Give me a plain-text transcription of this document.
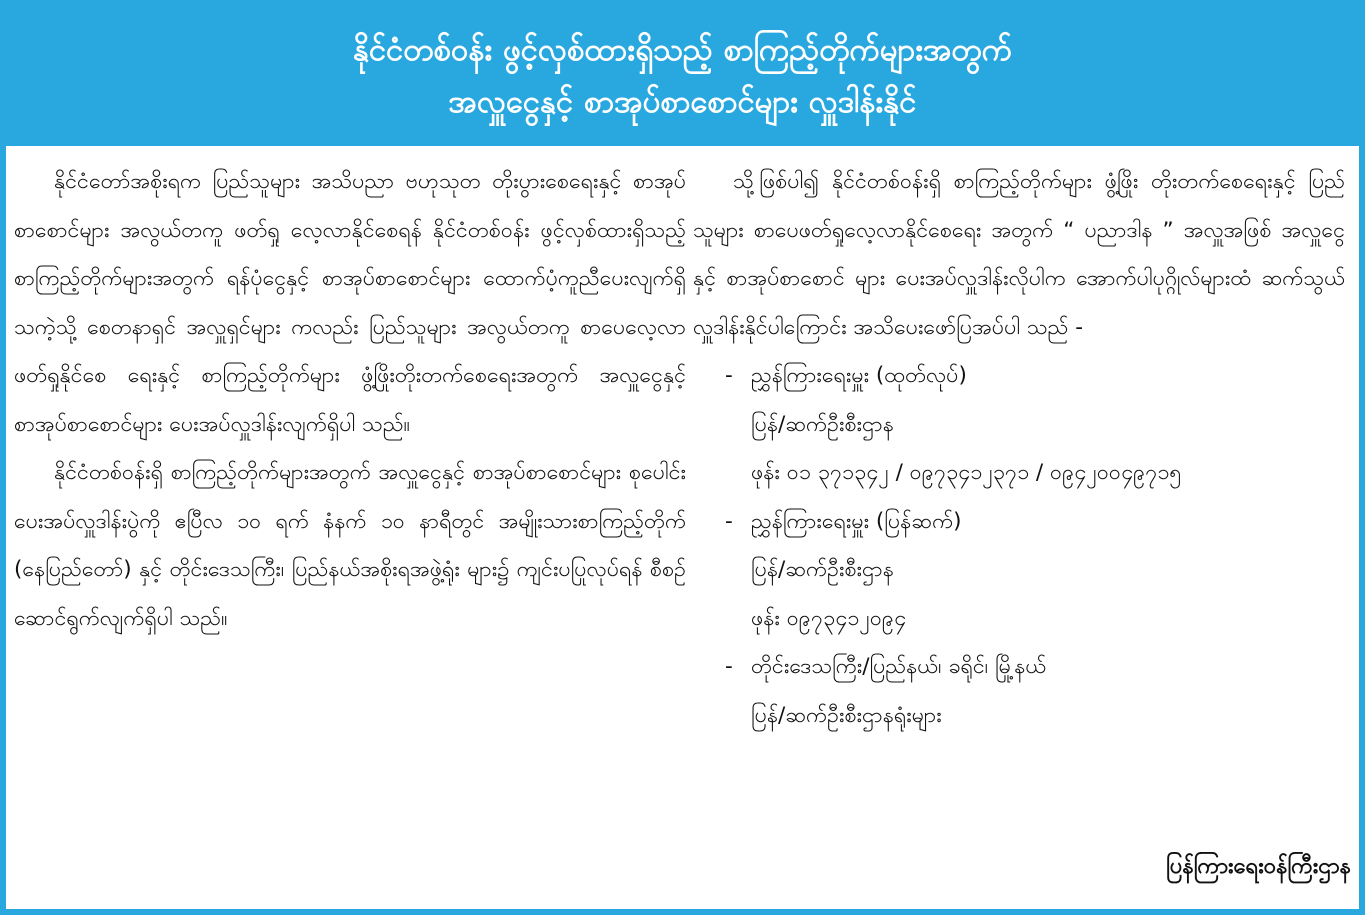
နိုင်ငံတစ်ဝန်း ဖွင့်လှစ်ထားရှိသည့် စာကြည့်တိုက်များအတွက်
အလှူငွေနှင့် စာအုပ်စာစောင်များ လှူဒါန်းနိုင်

နိုင်ငံတော်အစိုးရက ပြည်သူများ အသိပညာ ဗဟုသုတ တိုးပွားစေရေးနှင့် စာအုပ်စာစောင်များ အလွယ်တကူ ဖတ်ရှု လေ့လာနိုင်စေရန် နိုင်ငံတစ်ဝန်း ဖွင့်လှစ်ထားရှိသည့် စာကြည့်တိုက်များအတွက် ရန်ပုံငွေနှင့် စာအုပ်စာစောင်များ ထောက်ပံ့ကူညီပေးလျက်ရှိသကဲ့သို့ စေတနာရှင် အလှူရှင်များ ကလည်း ပြည်သူများ အလွယ်တကူ စာပေလေ့လာဖတ်ရှုနိုင်စေ ရေးနှင့် စာကြည့်တိုက်များ ဖွံ့ဖြိုးတိုးတက်စေရေးအတွက် အလှူငွေနှင့် စာအုပ်စာစောင်များ ပေးအပ်လှူဒါန်းလျက်ရှိပါ သည်။

နိုင်ငံတစ်ဝန်းရှိ စာကြည့်တိုက်များအတွက် အလှူငွေနှင့် စာအုပ်စာစောင်များ စုပေါင်းပေးအပ်လှူဒါန်းပွဲကို ဧပြီလ ၁၀ ရက် နံနက် ၁၀ နာရီတွင် အမျိုးသားစာကြည့်တိုက် (နေပြည်တော်) နှင့် တိုင်းဒေသကြီး၊ ပြည်နယ်အစိုးရအဖွဲ့ရုံး များ၌ ကျင်းပပြုလုပ်ရန် စီစဉ်ဆောင်ရွက်လျက်ရှိပါ သည်။

သို့ဖြစ်ပါ၍ နိုင်ငံတစ်ဝန်းရှိ စာကြည့်တိုက်များ ဖွံ့ဖြိုး တိုးတက်စေရေးနှင့် ပြည်သူများ စာပေဖတ်ရှုလေ့လာနိုင်စေရေး အတွက် “ ပညာဒါန ” အလှူအဖြစ် အလှူငွေနှင့် စာအုပ်စာစောင် များ ပေးအပ်လှူဒါန်းလိုပါက အောက်ပါပုဂ္ဂိုလ်များထံ ဆက်သွယ်လှူဒါန်းနိုင်ပါကြောင်း အသိပေးဖော်ပြအပ်ပါ သည် -

- ညွှန်ကြားရေးမှူး (ထုတ်လုပ်)
ပြန်/ဆက်ဦးစီးဌာန
ဖုန်း ၀၁ ၃၇၁၃၄၂ / ၀၉၇၃၄၁၂၃၇၁ / ၀၉၄၂၀၀၄၉၇၁၅
- ညွှန်ကြားရေးမှူး (ပြန်ဆက်)
ပြန်/ဆက်ဦးစီးဌာန
ဖုန်း ၀၉၇၃၄၁၂၀၉၄
- တိုင်းဒေသကြီး/ပြည်နယ်၊ ခရိုင်၊ မြို့နယ်
ပြန်/ဆက်ဦးစီးဌာနရုံးများ
ပြန်ကြားရေးဝန်ကြီးဌာန
